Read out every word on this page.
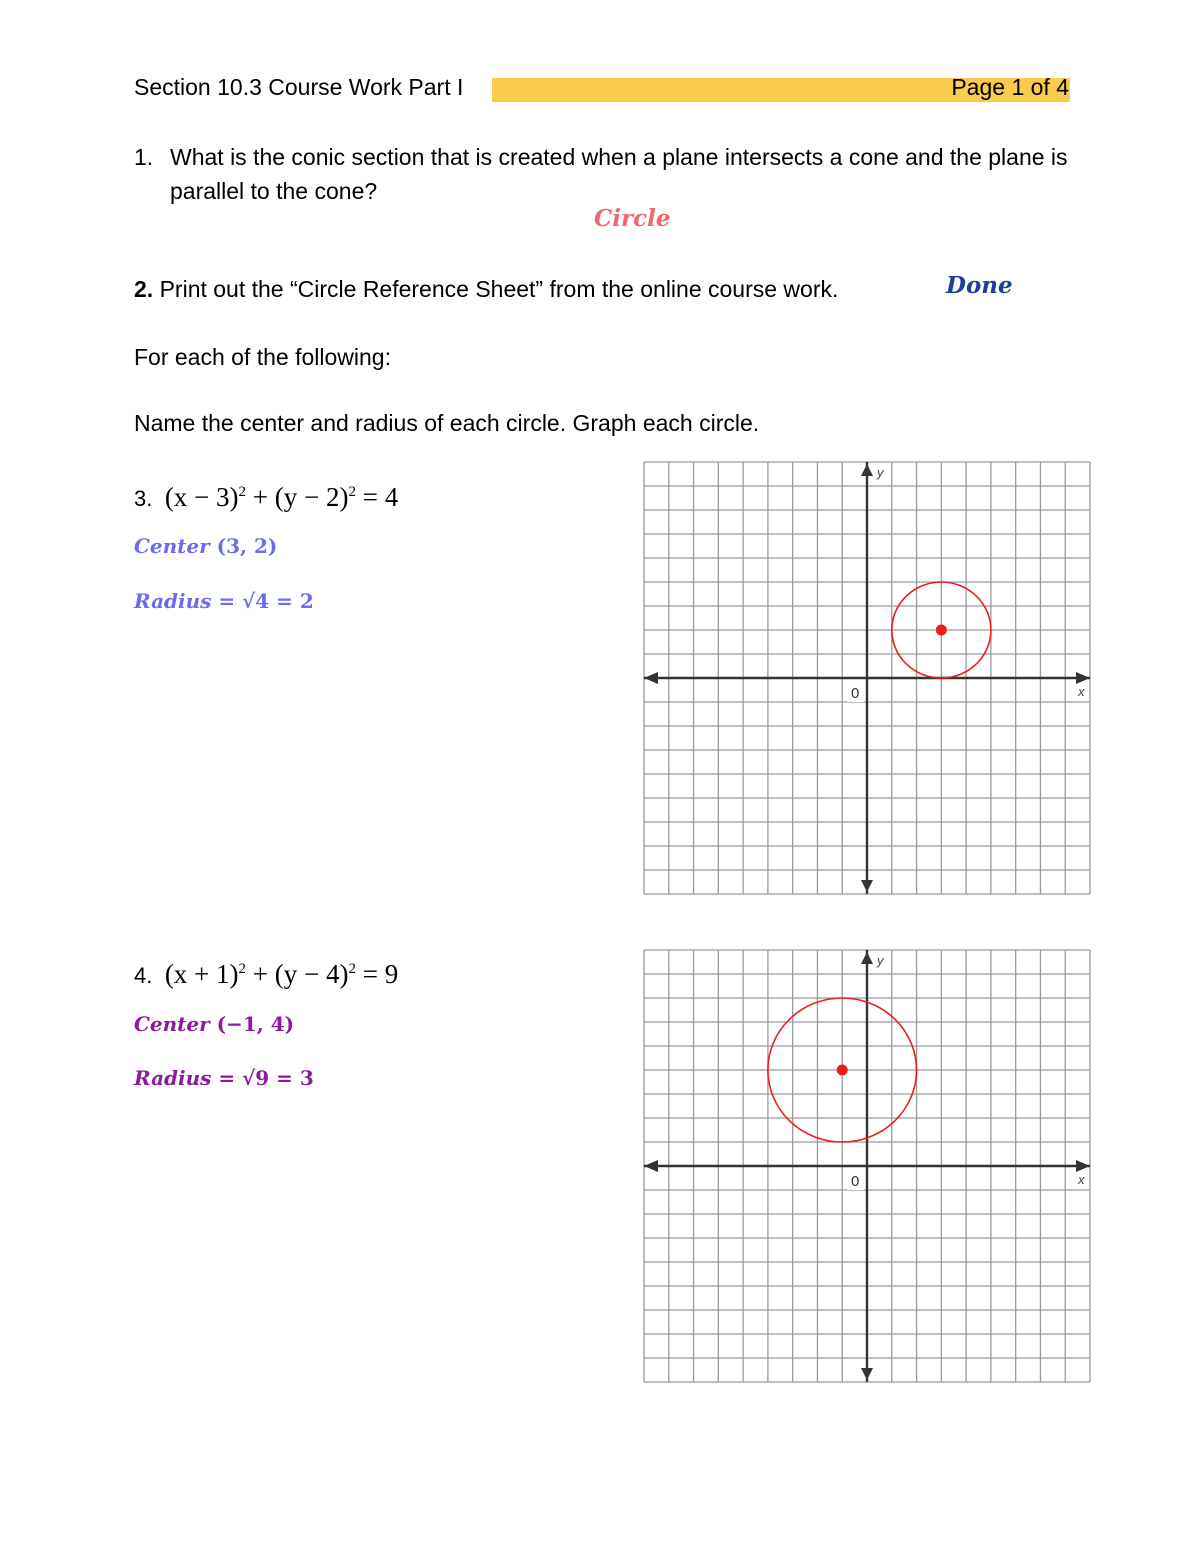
Section 10.3 Course Work Part I	Page 1 of 4
1. What is the conic section that is created when a plane intersects a cone and the plane is parallel to the cone?
Circle
2. Print out the “Circle Reference Sheet” from the online course work.	Done
For each of the following:
Name the center and radius of each circle. Graph each circle.
3. $(x - 3)^2 + (y - 2)^2 = 4$
Center (3, 2)
Radius = √4 = 2
4. $(x + 1)^2 + (y - 4)^2 = 9$
Center (−1, 4)
Radius = √9 = 3
y
x
0
y
x
0
